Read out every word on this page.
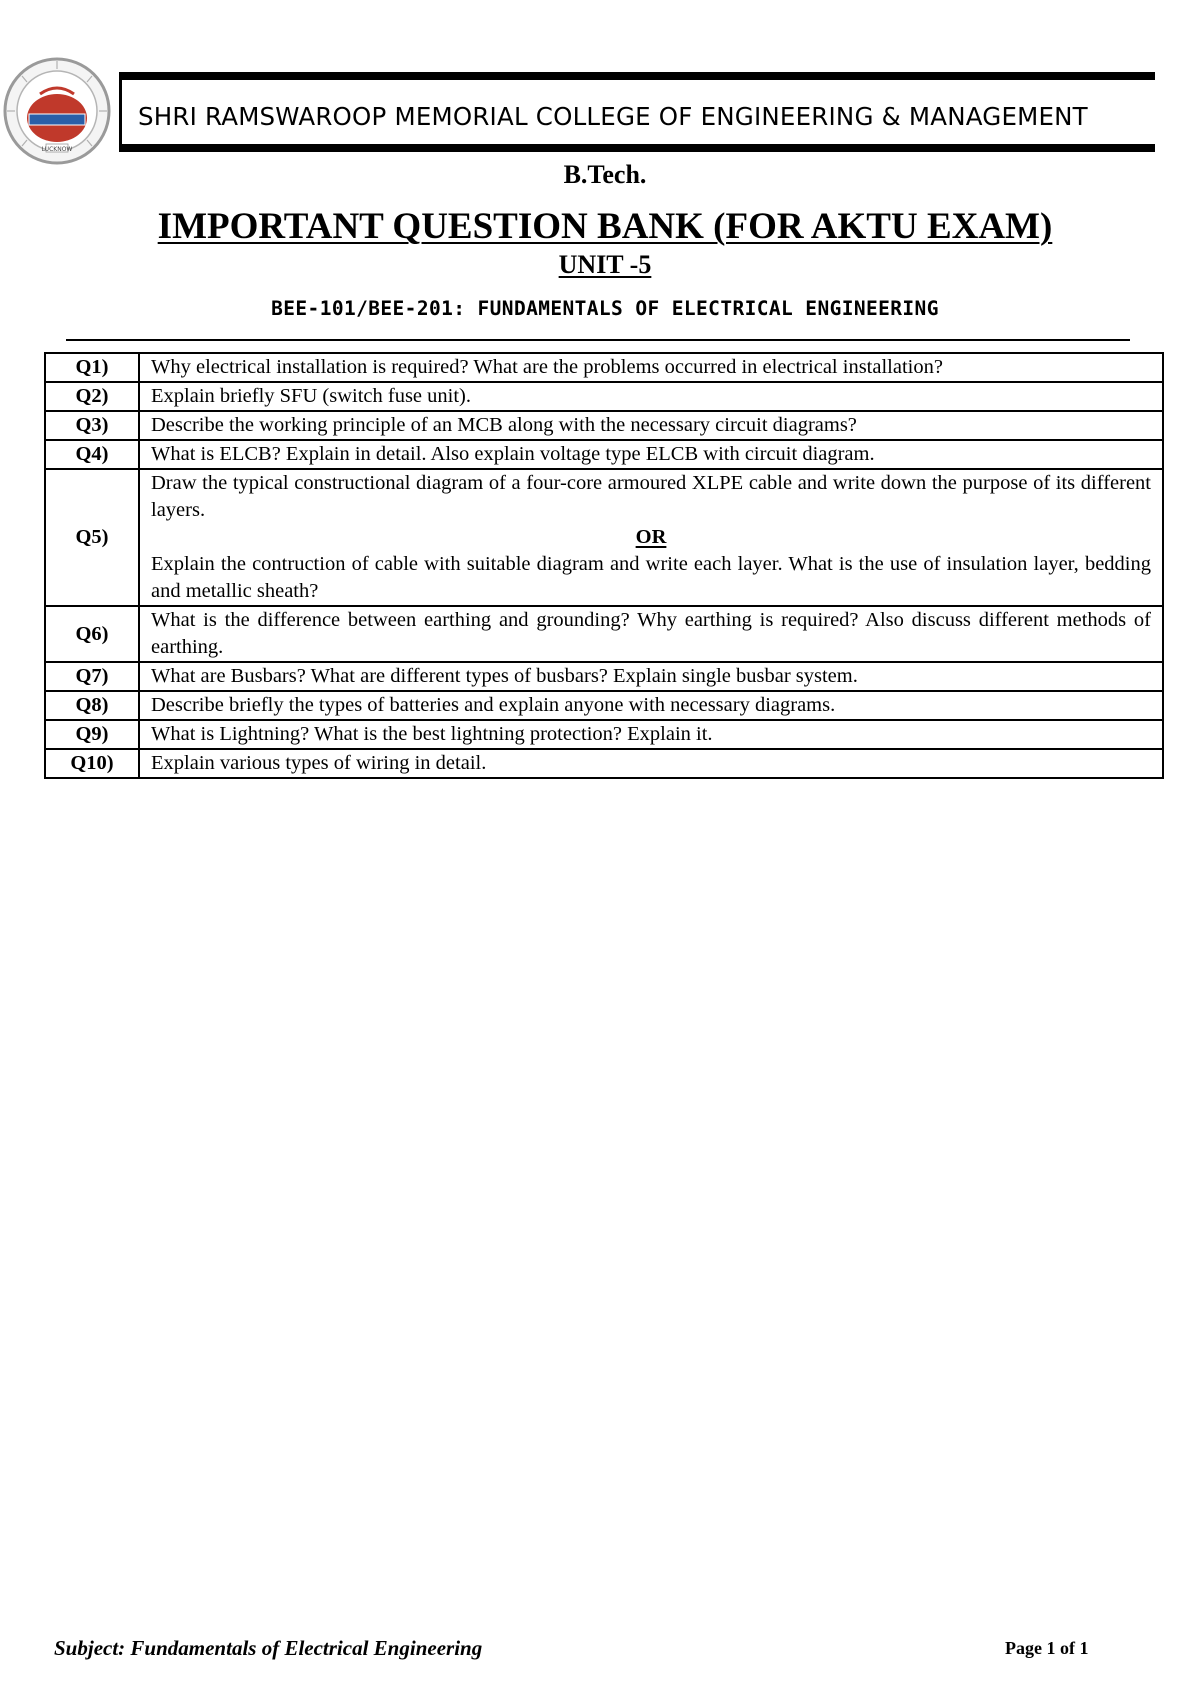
LUCKNOW
SHRI RAMSWAROOP MEMORIAL COLLEGE OF ENGINEERING & MANAGEMENT
B.Tech.
IMPORTANT QUESTION BANK (FOR AKTU EXAM)
UNIT -5
BEE-101/BEE-201: FUNDAMENTALS OF ELECTRICAL ENGINEERING
Q1)	Why electrical installation is required? What are the problems occurred in electrical installation?
Q2)	Explain briefly SFU (switch fuse unit).
Q3)	Describe the working principle of an MCB along with the necessary circuit diagrams?
Q4)	What is ELCB? Explain in detail. Also explain voltage type ELCB with circuit diagram.
Q5)	Draw the typical constructional diagram of a four-core armoured XLPE cable and write down the purpose of its different layers.
OR
Explain the contruction of cable with suitable diagram and write each layer. What is the use of insulation layer, bedding and metallic sheath?

Q6)	What is the difference between earthing and grounding? Why earthing is required? Also discuss different methods of earthing.
Q7)	What are Busbars? What are different types of busbars? Explain single busbar system.
Q8)	Describe briefly the types of batteries and explain anyone with necessary diagrams.
Q9)	What is Lightning? What is the best lightning protection? Explain it.
Q10)	Explain various types of wiring in detail.
Subject: Fundamentals of Electrical Engineering	Page 1 of 1
